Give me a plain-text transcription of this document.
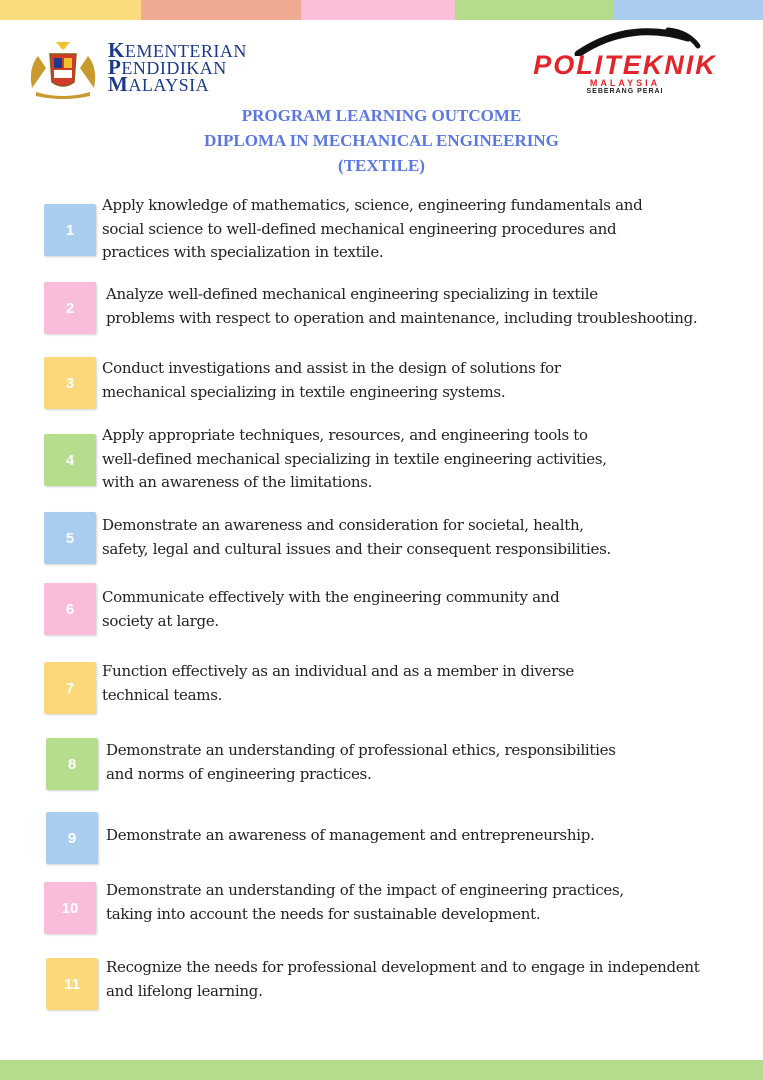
KEMENTERIAN
PENDIDIKAN
MALAYSIA
POLITEKNIK
MALAYSIA
SEBERANG PERAI
PROGRAM LEARNING OUTCOME
DIPLOMA IN MECHANICAL ENGINEERING
(TEXTILE)
1
Apply knowledge of mathematics, science, engineering fundamentals and
social science to well-defined mechanical engineering procedures and
practices with specialization in textile.
2
Analyze well-defined mechanical engineering specializing in textile
problems with respect to operation and maintenance, including troubleshooting.
3
Conduct investigations and assist in the design of solutions for
mechanical specializing in textile engineering systems.
4
Apply appropriate techniques, resources, and engineering tools to
well-defined mechanical specializing in textile engineering activities,
with an awareness of the limitations.
5
Demonstrate an awareness and consideration for societal, health,
safety, legal and cultural issues and their consequent responsibilities.
6
Communicate effectively with the engineering community and
society at large.
7
Function effectively as an individual and as a member in diverse
technical teams.
8
Demonstrate an understanding of professional ethics, responsibilities
and norms of engineering practices.
9	Demonstrate an awareness of management and entrepreneurship.
10
Demonstrate an understanding of the impact of engineering practices,
taking into account the needs for sustainable development.
11
Recognize the needs for professional development and to engage in independent
and lifelong learning.
